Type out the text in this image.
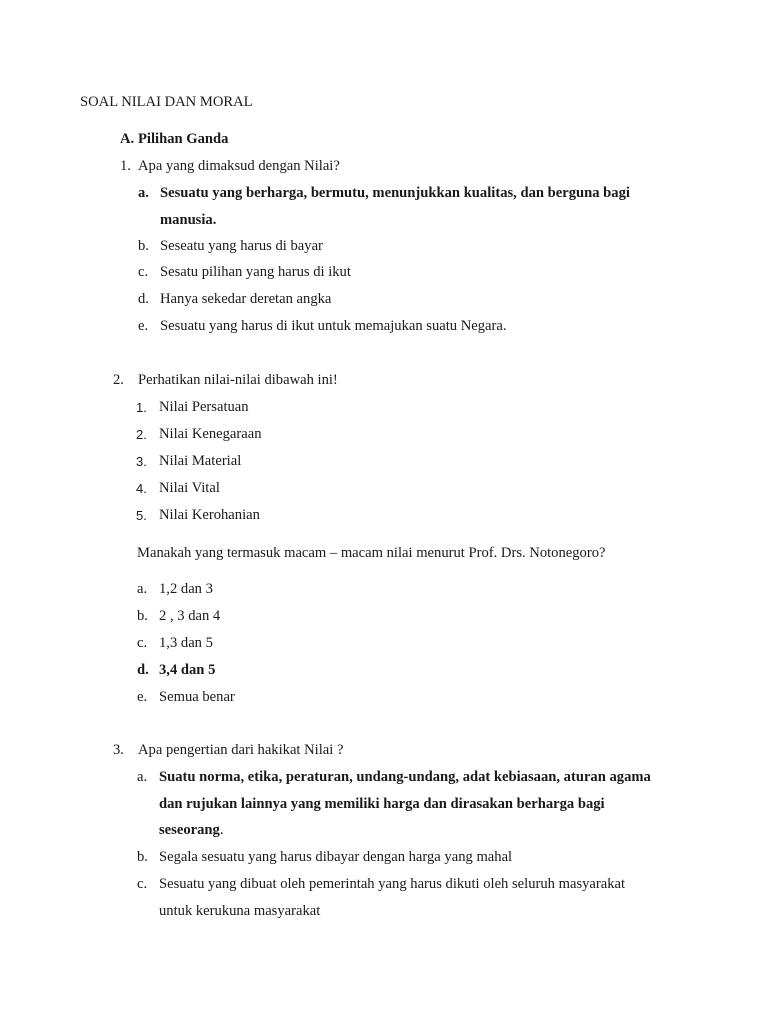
SOAL NILAI DAN MORAL
A. Pilihan Ganda
1. Apa yang dimaksud dengan Nilai?
a. Sesuatu yang berharga, bermutu, menunjukkan kualitas, dan berguna bagi
manusia.
b. Seseatu yang harus di bayar
c. Sesatu pilihan yang harus di ikut
d. Hanya sekedar deretan angka
e. Sesuatu yang harus di ikut untuk memajukan suatu Negara.
2. Perhatikan nilai-nilai dibawah ini!
1. Nilai Persatuan
2. Nilai Kenegaraan
3. Nilai Material
4. Nilai Vital
5. Nilai Kerohanian
Manakah yang termasuk macam – macam nilai menurut Prof. Drs. Notonegoro?
a. 1,2 dan 3
b. 2 , 3 dan 4
c. 1,3 dan 5
d. 3,4 dan 5
e. Semua benar
3. Apa pengertian dari hakikat Nilai ?
a. Suatu norma, etika, peraturan, undang-undang, adat kebiasaan, aturan agama
dan rujukan lainnya yang memiliki harga dan dirasakan berharga bagi
seseorang.
b. Segala sesuatu yang harus dibayar dengan harga yang mahal
c. Sesuatu yang dibuat oleh pemerintah yang harus dikuti oleh seluruh masyarakat
untuk kerukuna masyarakat
